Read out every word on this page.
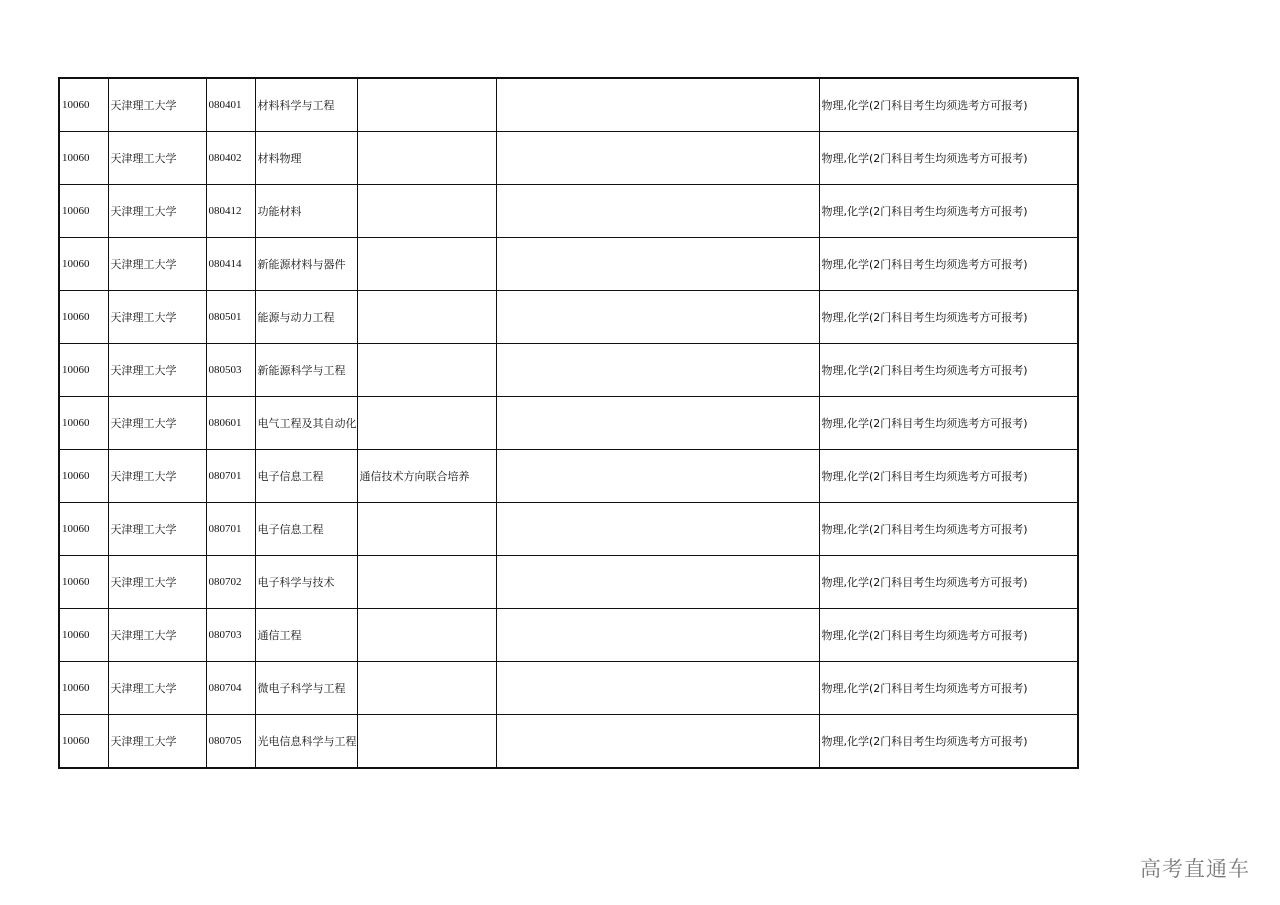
10060	天津理工大学	080401	材料科学与工程			物理,化学(2门科目考生均须选考方可报考)
10060	天津理工大学	080402	材料物理			物理,化学(2门科目考生均须选考方可报考)
10060	天津理工大学	080412	功能材料			物理,化学(2门科目考生均须选考方可报考)
10060	天津理工大学	080414	新能源材料与器件			物理,化学(2门科目考生均须选考方可报考)
10060	天津理工大学	080501	能源与动力工程			物理,化学(2门科目考生均须选考方可报考)
10060	天津理工大学	080503	新能源科学与工程			物理,化学(2门科目考生均须选考方可报考)
10060	天津理工大学	080601	电气工程及其自动化			物理,化学(2门科目考生均须选考方可报考)
10060	天津理工大学	080701	电子信息工程	通信技术方向联合培养		物理,化学(2门科目考生均须选考方可报考)
10060	天津理工大学	080701	电子信息工程			物理,化学(2门科目考生均须选考方可报考)
10060	天津理工大学	080702	电子科学与技术			物理,化学(2门科目考生均须选考方可报考)
10060	天津理工大学	080703	通信工程			物理,化学(2门科目考生均须选考方可报考)
10060	天津理工大学	080704	微电子科学与工程			物理,化学(2门科目考生均须选考方可报考)
10060	天津理工大学	080705	光电信息科学与工程			物理,化学(2门科目考生均须选考方可报考)
高考直通车
